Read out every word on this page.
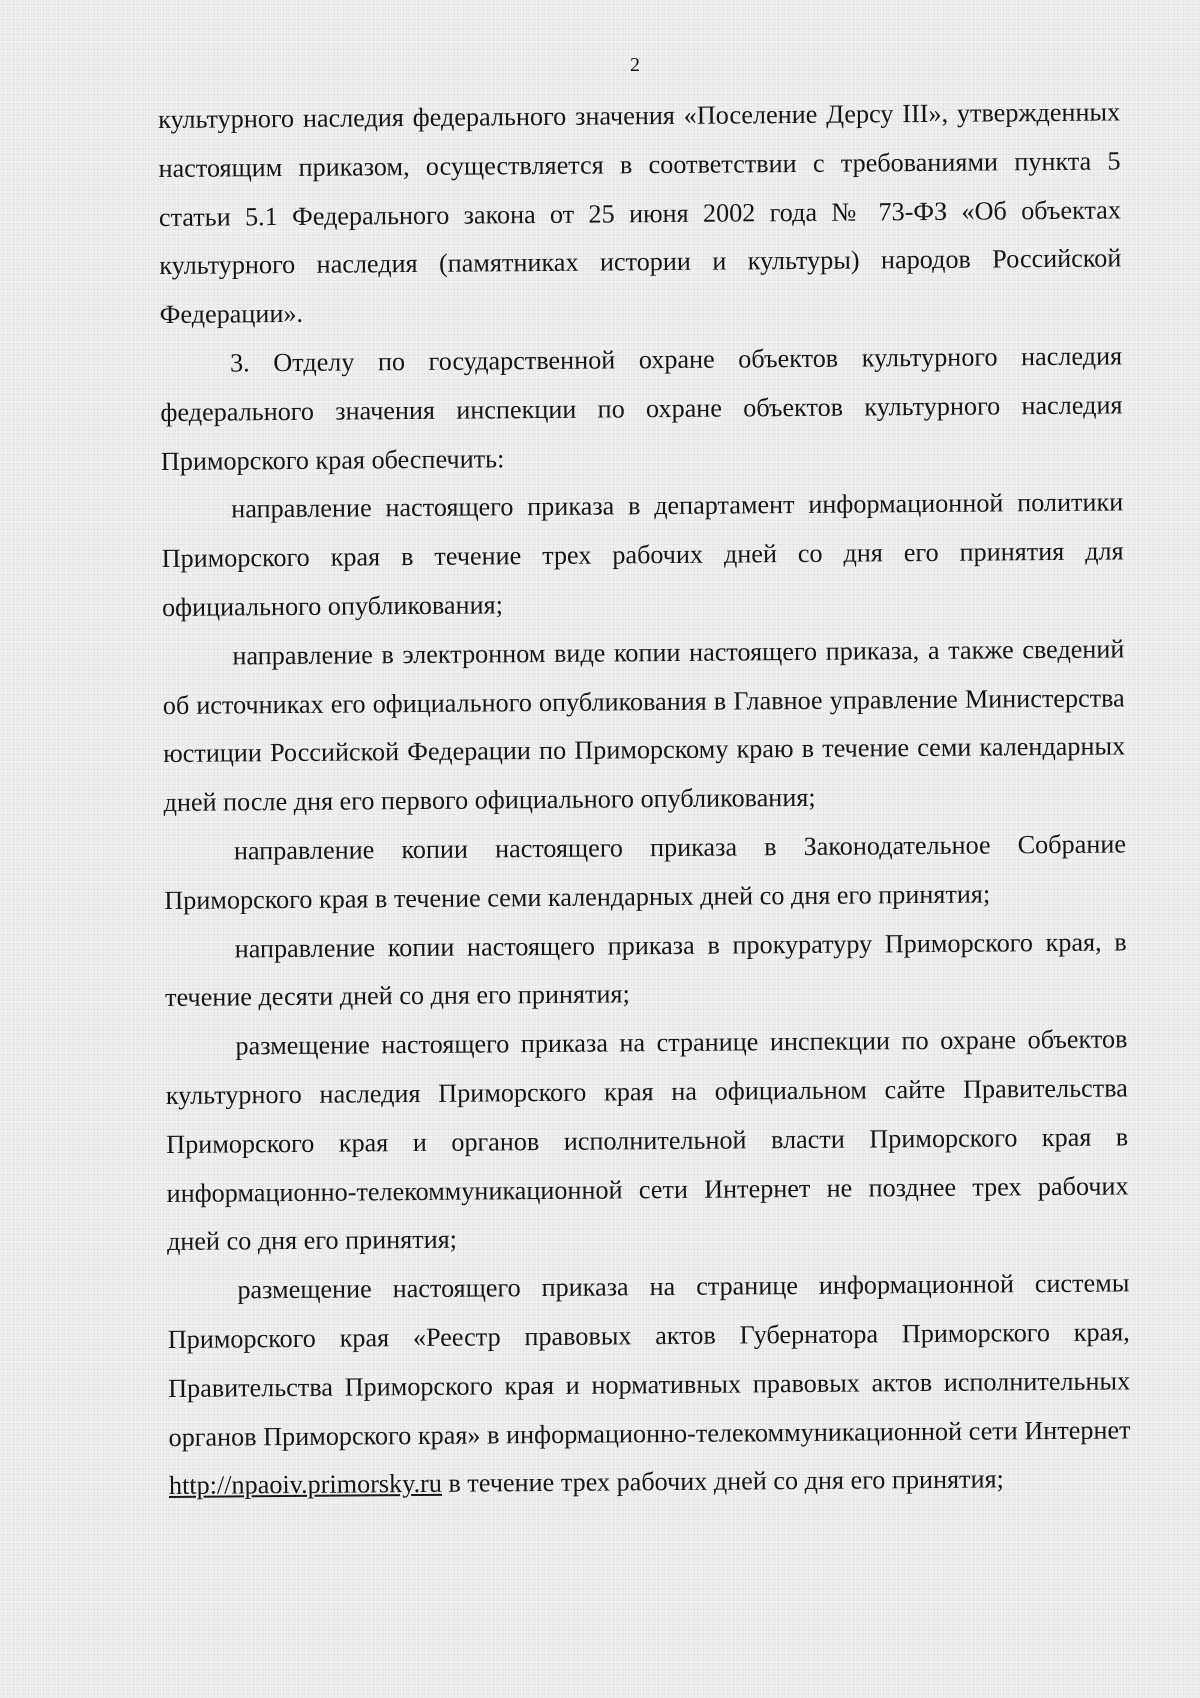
2

культурного наследия федерального значения «Поселение Дерсу III», утвержденных настоящим приказом, осуществляется в соответствии с требованиями пункта 5 статьи 5.1 Федерального закона от 25 июня 2002 года № 73-ФЗ «Об объектах культурного наследия (памятниках истории и культуры) народов Российской Федерации».

3. Отделу по государственной охране объектов культурного наследия федерального значения инспекции по охране объектов культурного наследия Приморского края обеспечить:

направление настоящего приказа в департамент информационной политики Приморского края в течение трех рабочих дней со дня его принятия для официального опубликования;

направление в электронном виде копии настоящего приказа, а также сведений об источниках его официального опубликования в Главное управление Министерства юстиции Российской Федерации по Приморскому краю в течение семи календарных дней после дня его первого официального опубликования;

направление копии настоящего приказа в Законодательное Собрание Приморского края в течение семи календарных дней со дня его принятия;

направление копии настоящего приказа в прокуратуру Приморского края, в течение десяти дней со дня его принятия;

размещение настоящего приказа на странице инспекции по охране объектов культурного наследия Приморского края на официальном сайте Правительства Приморского края и органов исполнительной власти Приморского края в информационно-телекоммуникационной сети Интернет не позднее трех рабочих дней со дня его принятия;

размещение настоящего приказа на странице информационной системы Приморского края «Реестр правовых актов Губернатора Приморского края, Правительства Приморского края и нормативных правовых актов исполнительных органов Приморского края» в информационно-телекоммуникационной сети Интернет http://npaoiv.primorsky.ru в течение трех рабочих дней со дня его принятия;
